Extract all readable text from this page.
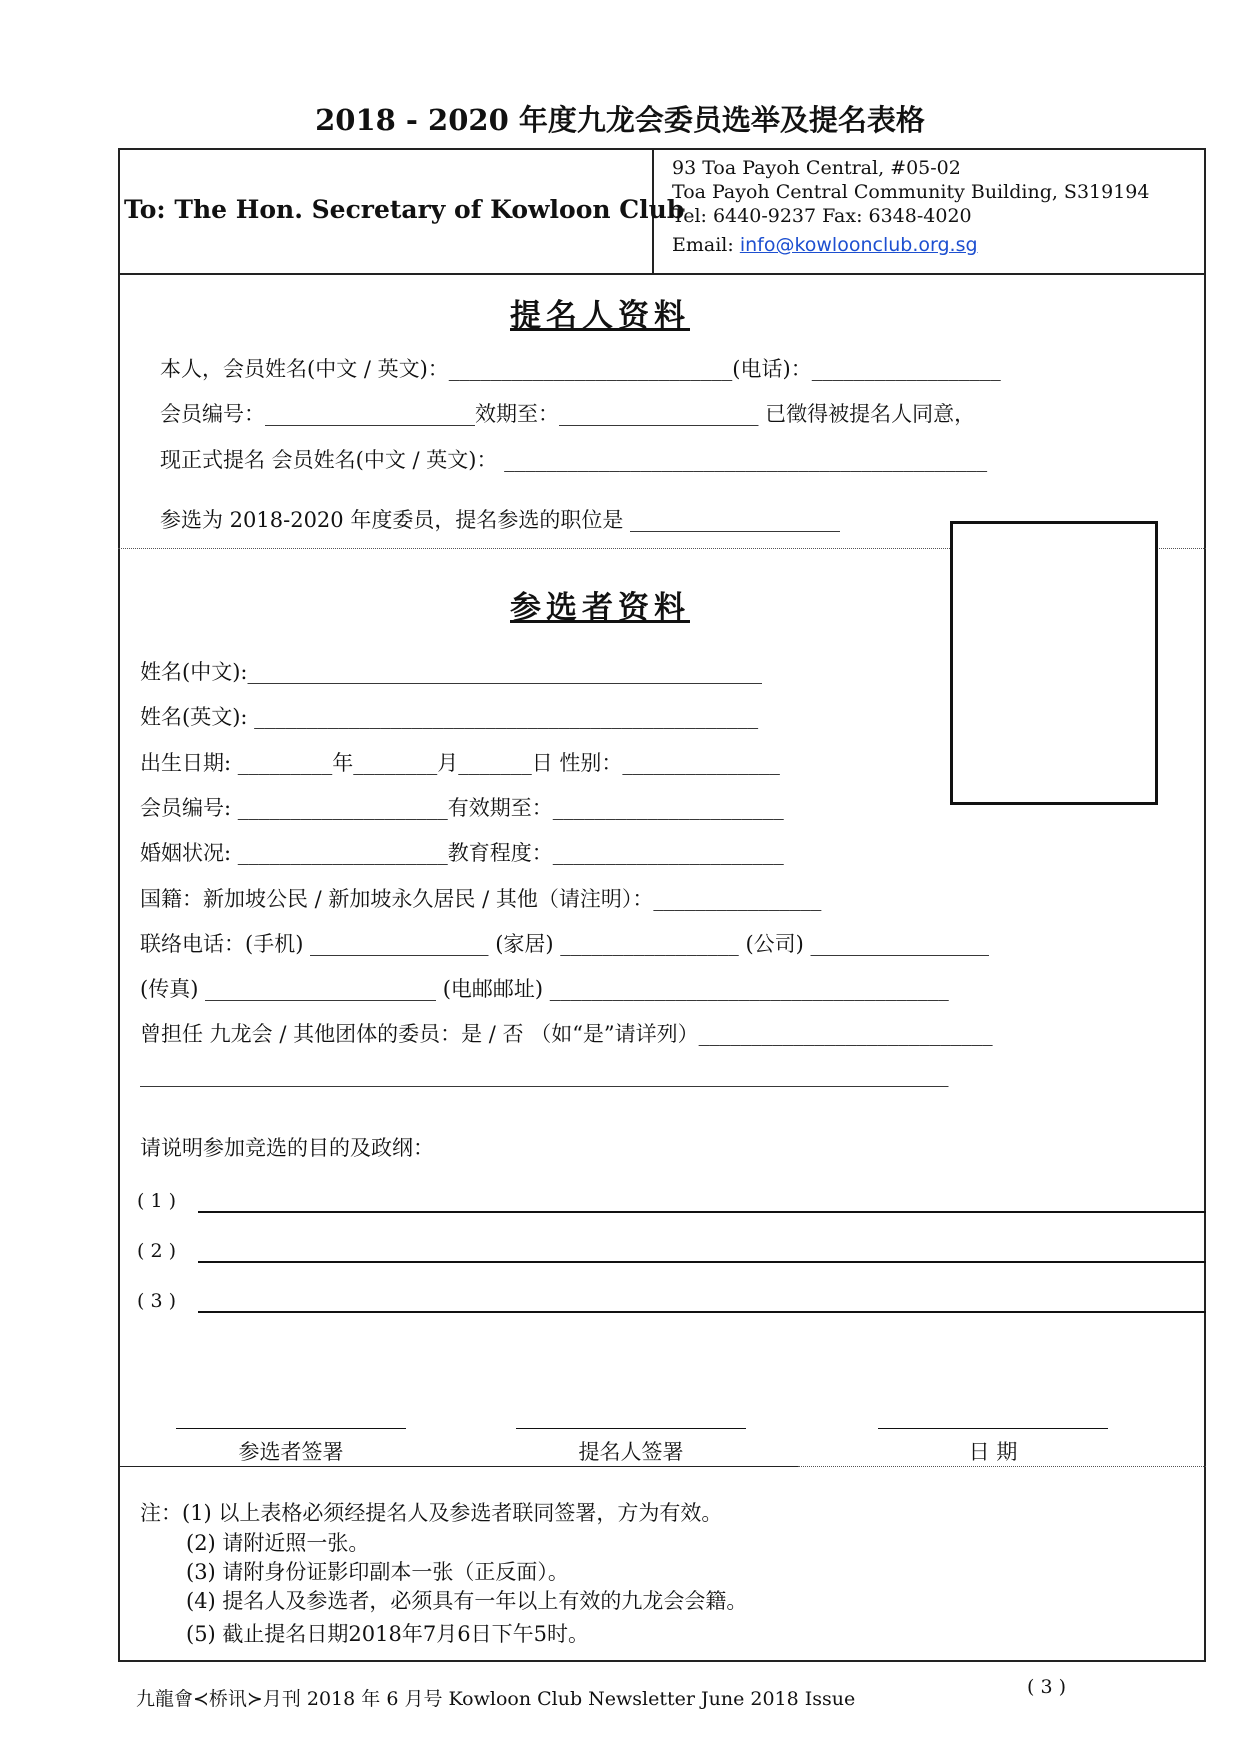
2018 - 2020 年度九龙会委员选举及提名表格
To: The Hon. Secretary of Kowloon Club
93 Toa Payoh Central, #05-02
Toa Payoh Central Community Building, S319194
Tel: 6440-9237 Fax: 6348-4020
Email: info@kowloonclub.org.sg
提名人资料
本人，会员姓名(中文 / 英文)：___________________________(电话)：__________________
会员编号：____________________效期至：___________________ 已徵得被提名人同意，
现正式提名 会员姓名(中文 / 英文)： ______________________________________________
参选为 2018-2020 年度委员，提名参选的职位是 ____________________
参选者资料
姓名(中文):_________________________________________________
姓名(英文): ________________________________________________
出生日期: _________年________月_______日 性别：_______________
会员编号: ____________________有效期至：______________________
婚姻状况: ____________________教育程度：______________________
国籍：新加坡公民 / 新加坡永久居民 / 其他（请注明）：________________
联络电话：(手机) _________________ (家居) _________________ (公司) _________________
(传真) ______________________ (电邮邮址) ______________________________________
曾担任 九龙会 / 其他团体的委员：是 / 否 （如“是”请详列）____________________________
_____________________________________________________________________________
请说明参加竞选的目的及政纲：
( 1 )
( 2 )
( 3 )
参选者签署	提名人签署	日 期
注：(1) 以上表格必须经提名人及参选者联同签署，方为有效。
(2) 请附近照一张。
(3) 请附身份证影印副本一张（正反面）。
(4) 提名人及参选者，必须具有一年以上有效的九龙会会籍。
(5) 截止提名日期2018年7月6日下午5时。
九龍會≺桥讯≻月刊 2018 年 6 月号 Kowloon Club Newsletter June 2018 Issue
( 3 )
